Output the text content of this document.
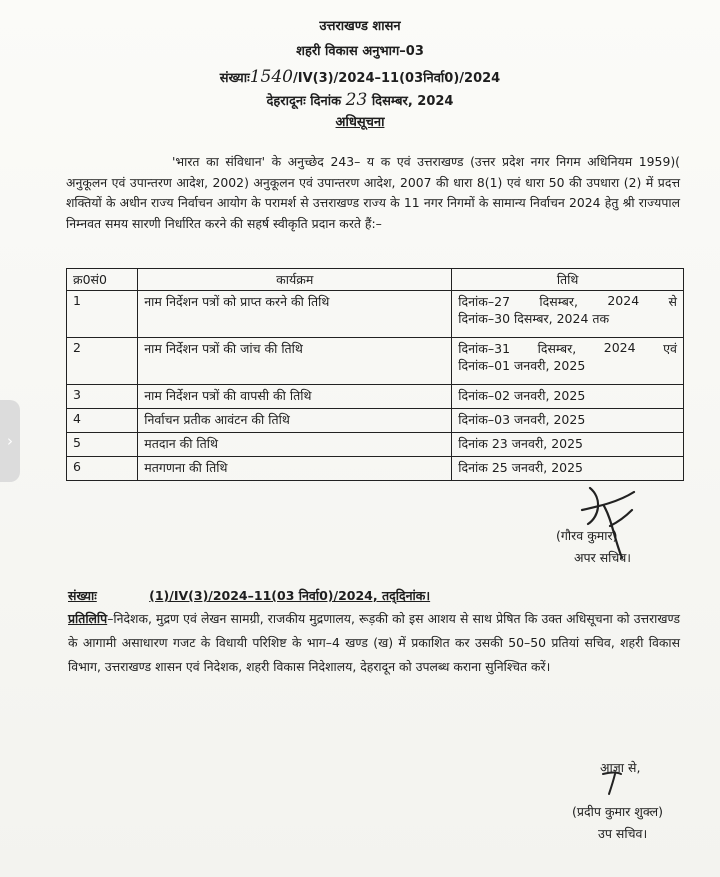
उत्तराखण्ड शासन
शहरी विकास अनुभाग–03
संख्याः1540/IV(3)/2024–11(03निर्वा0)/2024
देहरादूनः दिनांक 23 दिसम्बर, 2024
अधिसूचना
'भारत का संविधान' के अनुच्छेद 243– य क एवं उत्तराखण्ड (उत्तर प्रदेश नगर निगम अधिनियम 1959)( अनुकूलन एवं उपान्तरण आदेश, 2002) अनुकूलन एवं उपान्तरण आदेश, 2007 की धारा 8(1) एवं धारा 50 की उपधारा (2) में प्रदत्त शक्तियों के अधीन राज्य निर्वाचन आयोग के परामर्श से उत्तराखण्ड राज्य के 11 नगर निगमों के सामान्य निर्वाचन 2024 हेतु श्री राज्यपाल निम्नवत समय सारणी निर्धारित करने की सहर्ष स्वीकृति प्रदान करते हैं:–
क्र0सं0	कार्यक्रम	तिथि
1	नाम निर्देशन पत्रों को प्राप्त करने की तिथि	दिनांक–27 दिसम्बर, 2024 से
दिनांक–30 दिसम्बर, 2024 तक

2	नाम निर्देशन पत्रों की जांच की तिथि	दिनांक–31 दिसम्बर, 2024 एवं
दिनांक–01 जनवरी, 2025

3	नाम निर्देशन पत्रों की वापसी की तिथि	दिनांक–02 जनवरी, 2025
4	निर्वाचन प्रतीक आवंटन की तिथि	दिनांक–03 जनवरी, 2025
5	मतदान की तिथि	दिनांक 23 जनवरी, 2025
6	मतगणना की तिथि	दिनांक 25 जनवरी, 2025
(गौरव कुमार)
अपर सचिव।
संख्याः	(1)/IV(3)/2024–11(03 निर्वा0)/2024, तद्‌दिनांक।
प्रतिलिपि–निदेशक, मुद्रण एवं लेखन सामग्री, राजकीय मुद्रणालय, रूड़की को इस आशय से साथ प्रेषित कि उक्त अधिसूचना को उत्तराखण्ड के आगामी असाधारण गजट के विधायी परिशिष्ट के भाग–4 खण्ड (ख) में प्रकाशित कर उसकी 50–50 प्रतियां सचिव, शहरी विकास विभाग, उत्तराखण्ड शासन एवं निदेशक, शहरी विकास निदेशालय, देहरादून को उपलब्ध कराना सुनिश्चित करें।
आज्ञा से,
(प्रदीप कुमार शुक्ल)
उप सचिव।
›
